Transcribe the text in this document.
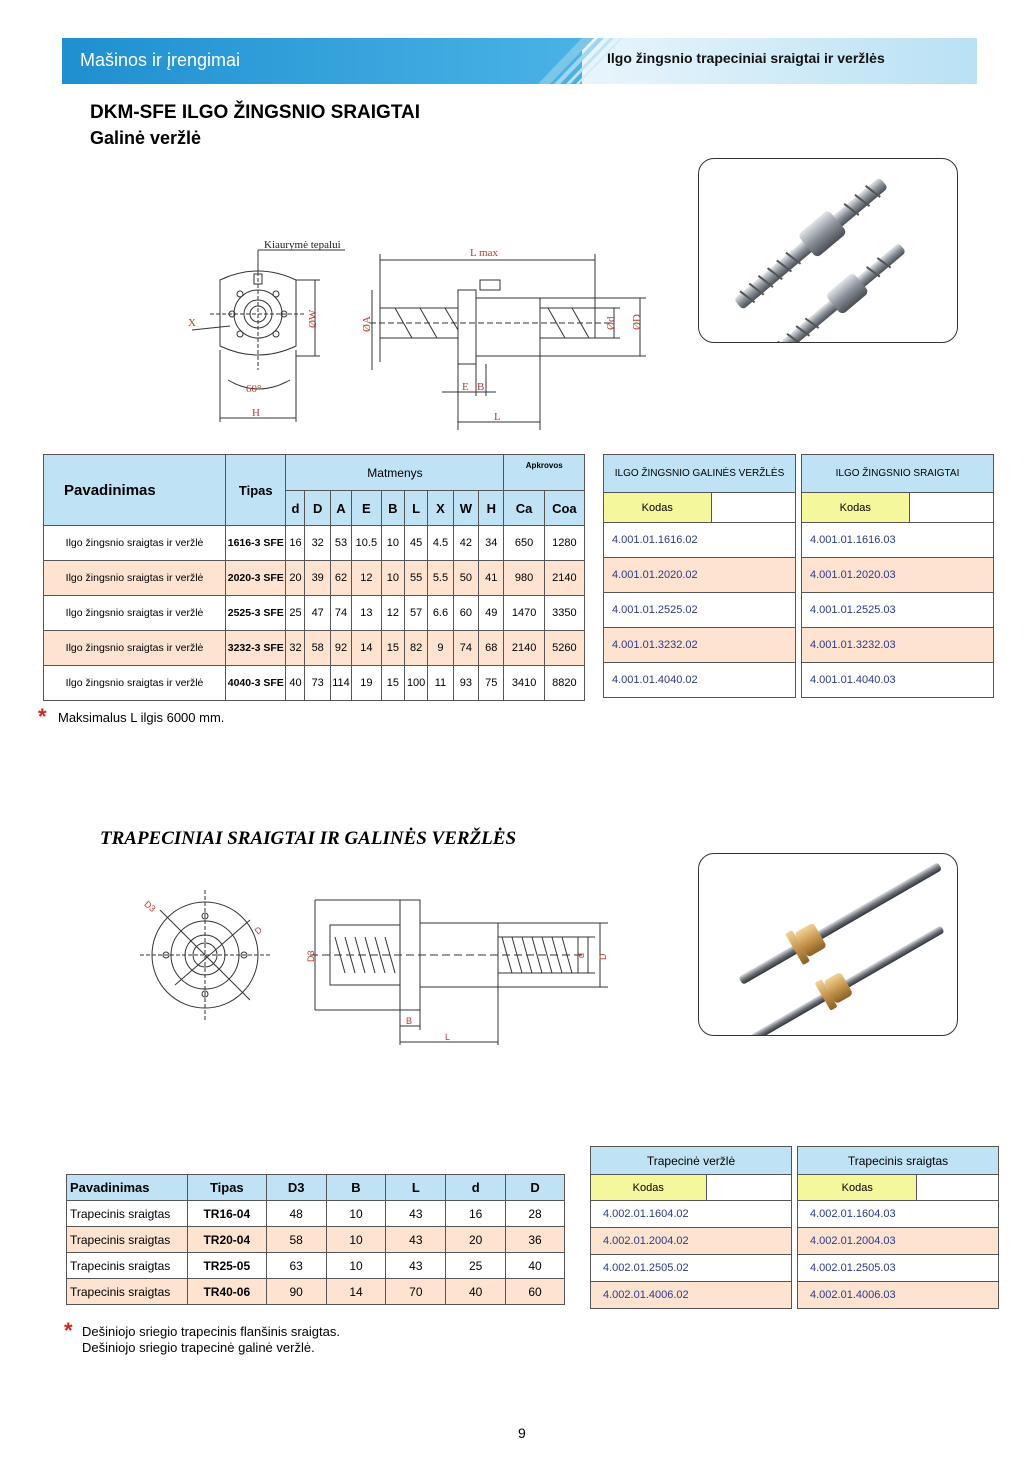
Mašinos ir įrengimai	Ilgo žingsnio trapeciniai sraigtai ir veržlės
DKM-SFE ILGO ŽINGSNIO SRAIGTAI
Galinė veržlė
Kiaurymė tepalui
X	ØW
60°
H
L max
ØA	Ød ØD
E B
L
Pavadinimas	Tipas	Matmenys									Apkrovos	
		d	D	A	E	B	L	X	W	H	Ca	Coa
Ilgo žingsnio sraigtas ir veržlė	1616-3 SFE	16	32	53	10.5	10	45	4.5	42	34	650	1280
Ilgo žingsnio sraigtas ir veržlė	2020-3 SFE	20	39	62	12	10	55	5.5	50	41	980	2140
Ilgo žingsnio sraigtas ir veržlė	2525-3 SFE	25	47	74	13	12	57	6.6	60	49	1470	3350
Ilgo žingsnio sraigtas ir veržlė	3232-3 SFE	32	58	92	14	15	82	9	74	68	2140	5260
Ilgo žingsnio sraigtas ir veržlė	4040-3 SFE	40	73	114	19	15	100	11	93	75	3410	8820
ILGO ŽINGSNIO GALINĖS VERŽLĖS
Kodas	
4.001.01.1616.02
4.001.01.2020.02
4.001.01.2525.02
4.001.01.3232.02
4.001.01.4040.02
ILGO ŽINGSNIO SRAIGTAI
Kodas	
4.001.01.1616.03
4.001.01.2020.03
4.001.01.2525.03
4.001.01.3232.03
4.001.01.4040.03
* Maksimalus L ilgis 6000 mm.
TRAPECINIAI SRAIGTAI IR GALINĖS VERŽLĖS
D3
D
D3	d D
B
L
Pavadinimas	Tipas	D3	B	L	d	D
Trapecinis sraigtas	TR16-04	48	10	43	16	28
Trapecinis sraigtas	TR20-04	58	10	43	20	36
Trapecinis sraigtas	TR25-05	63	10	43	25	40
Trapecinis sraigtas	TR40-06	90	14	70	40	60
Trapecinė veržlė
Kodas	
4.002.01.1604.02
4.002.01.2004.02
4.002.01.2505.02
4.002.01.4006.02
Trapecinis sraigtas
Kodas	
4.002.01.1604.03
4.002.01.2004.03
4.002.01.2505.03
4.002.01.4006.03
* Dešiniojo sriegio trapecinis flanšinis sraigtas.
Dešiniojo sriegio trapecinė galinė veržlė.
9
